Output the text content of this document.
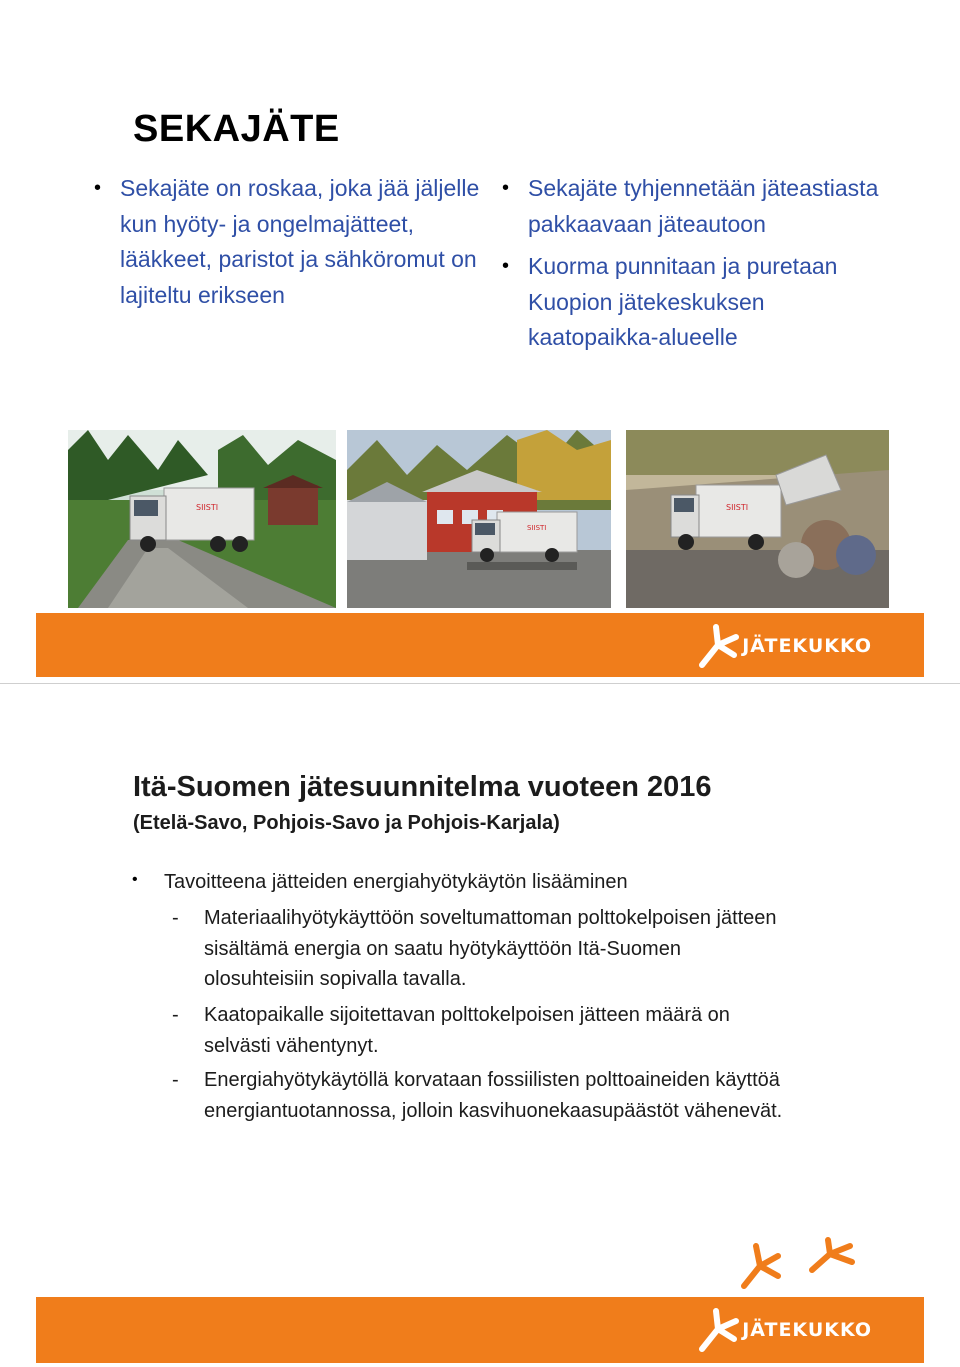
SEKAJÄTE
• Sekajäte on roskaa, joka jää jäljelle kun hyöty- ja ongelmajätteet, lääkkeet, paristot ja sähköromut on lajiteltu erikseen
• Sekajäte tyhjennetään jäteastiasta pakkaavaan jäteautoon
• Kuorma punnitaan ja puretaan Kuopion jätekeskuksen kaatopaikka-alueelle
SIISTI
SIISTI
SIISTI
JÄTEKUKKO
Itä-Suomen jätesuunnitelma vuoteen 2016
(Etelä-Savo, Pohjois-Savo ja Pohjois-Karjala)
• Tavoitteena jätteiden energiahyötykäytön lisääminen
- Materiaalihyötykäyttöön soveltumattoman polttokelpoisen jätteen sisältämä energia on saatu hyötykäyttöön Itä-Suomen olosuhteisiin sopivalla tavalla.
- Kaatopaikalle sijoitettavan polttokelpoisen jätteen määrä on selvästi vähentynyt.
- Energiahyötykäytöllä korvataan fossiilisten polttoaineiden käyttöä energiantuotannossa, jolloin kasvihuonekaasupäästöt vähenevät.
JÄTEKUKKO
